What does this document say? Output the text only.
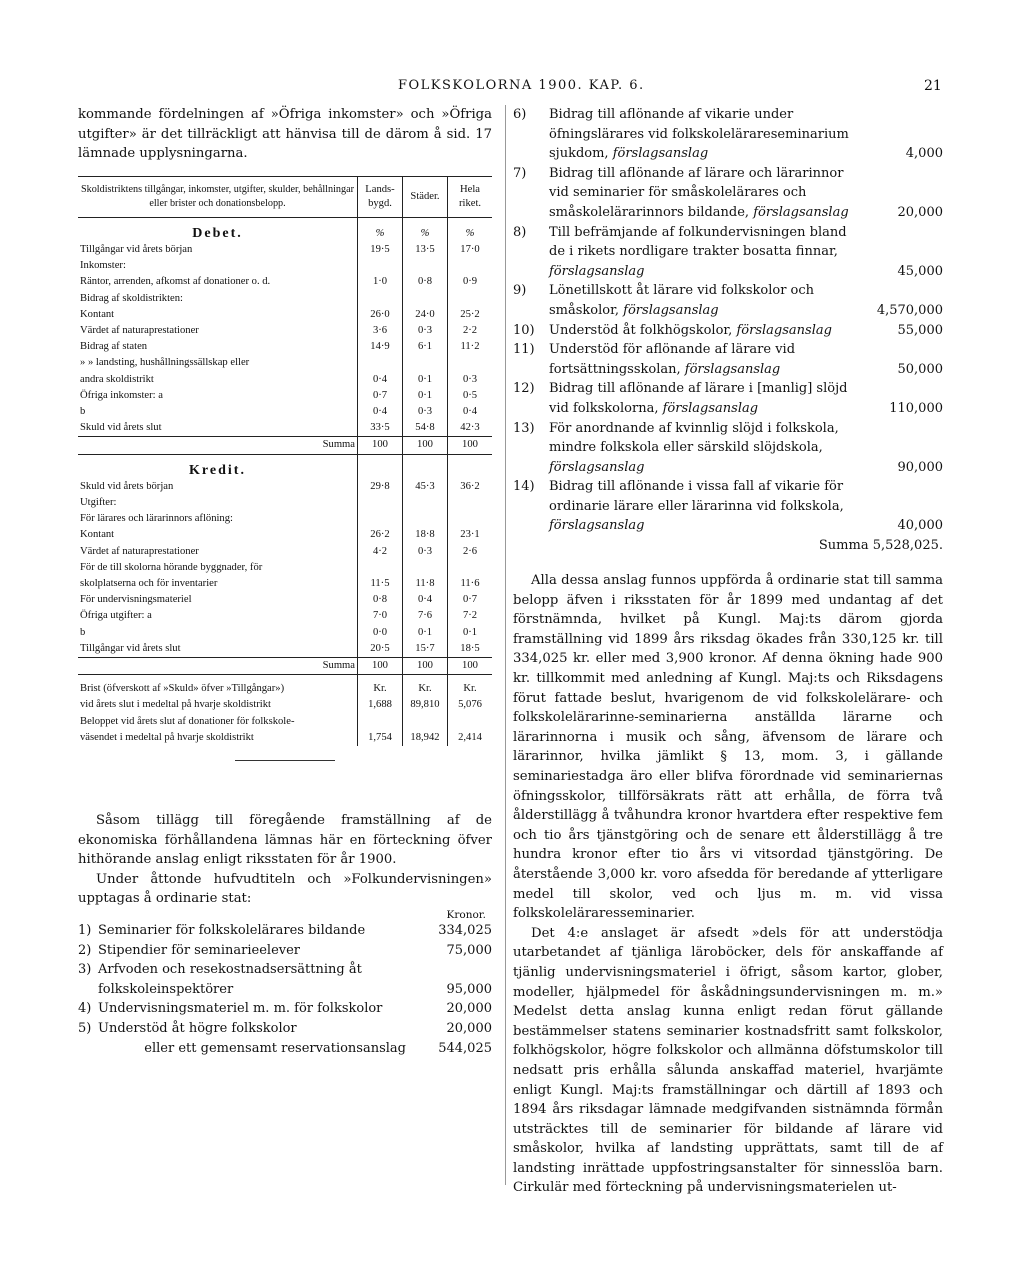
FOLKSKOLORNA 1900. KAP. 6.	21

kommande fördelningen af »Öfriga inkomster» och »Öfriga utgifter» är det tillräckligt att hänvisa till de därom å sid. 17 lämnade upplysningarna.

Skoldistriktens tillgångar, inkomster, utgifter, skulder, behållningar eller brister och donationsbelopp.	Lands-bygd.	Städer.	Hela riket.
Debet.	%	%	%
Tillgångar vid årets början	19·5	13·5	17·0
Inkomster:			
Räntor, arrenden, afkomst af donationer o. d.	1·0	0·8	0·9
Bidrag af skoldistrikten:			
Kontant	26·0	24·0	25·2
Värdet af naturaprestationer	3·6	0·3	2·2
Bidrag af staten	14·9	6·1	11·2
» » landsting, hushållningssällskap eller			
andra skoldistrikt	0·4	0·1	0·3
Öfriga inkomster: a	0·7	0·1	0·5
b	0·4	0·3	0·4
Skuld vid årets slut	33·5	54·8	42·3
Summa	100	100	100
Kredit.			
Skuld vid årets början	29·8	45·3	36·2
Utgifter:			
För lärares och lärarinnors aflöning:			
Kontant	26·2	18·8	23·1
Värdet af naturaprestationer	4·2	0·3	2·6
För de till skolorna hörande byggnader, för			
skolplatserna och för inventarier	11·5	11·8	11·6
För undervisningsmateriel	0·8	0·4	0·7
Öfriga utgifter: a	7·0	7·6	7·2
b	0·0	0·1	0·1
Tillgångar vid årets slut	20·5	15·7	18·5
Summa	100	100	100
Brist (öfverskott af »Skuld» öfver »Tillgångar»)	Kr.	Kr.	Kr.
vid årets slut i medeltal på hvarje skoldistrikt	1,688	89,810	5,076
Beloppet vid årets slut af donationer för folkskole-			
väsendet i medeltal på hvarje skoldistrikt	1,754	18,942	2,414

Såsom tillägg till föregående framställning af de ekonomiska förhållandena lämnas här en förteckning öfver hithörande anslag enligt riksstaten för år 1900.

Under åttonde hufvudtiteln och »Folkundervisningen» upptagas å ordinarie stat:

Kronor.
1) Seminarier för folkskolelärares bildande	334,025
2) Stipendier för seminarieelever	75,000
3) Arfvoden och resekostnadsersättning åt folkskoleinspektörer	95,000
4) Undervisningsmateriel m. m. för folkskolor	20,000
5) Understöd åt högre folkskolor	20,000
eller ett gemensamt reservationsanslag	544,025
6)	Bidrag till aflönande af vikarie under öfningslärares vid folkskolelärareseminarium sjukdom, förslagsanslag	4,000
7)	Bidrag till aflönande af lärare och lärarinnor vid seminarier för småskolelärares och småskolelärarinnors bildande, förslagsanslag	20,000
8)	Till befrämjande af folkundervisningen bland de i rikets nordligare trakter bosatta finnar, förslagsanslag	45,000
9)	Lönetillskott åt lärare vid folkskolor och småskolor, förslagsanslag	4,570,000
10)	Understöd åt folkhögskolor, förslagsanslag	55,000
11)	Understöd för aflönande af lärare vid fortsättningsskolan, förslagsanslag	50,000
12)	Bidrag till aflönande af lärare i [manlig] slöjd vid folkskolorna, förslagsanslag	110,000
13)	För anordnande af kvinnlig slöjd i folkskola, mindre folkskola eller särskild slöjdskola, förslagsanslag	90,000
14)	Bidrag till aflönande i vissa fall af vikarie för ordinarie lärare eller lärarinna vid folkskola, förslagsanslag	40,000
Summa 5,528,025.

Alla dessa anslag funnos uppförda å ordinarie stat till samma belopp äfven i riksstaten för år 1899 med undantag af det förstnämnda, hvilket på Kungl. Maj:ts därom gjorda framställning vid 1899 års riksdag ökades från 330,125 kr. till 334,025 kr. eller med 3,900 kronor. Af denna ökning hade 900 kr. tillkommit med anledning af Kungl. Maj:ts och Riksdagens förut fattade beslut, hvarigenom de vid folkskolelärare- och folkskolelärarinne-seminarierna anställda lärarne och lärarinnorna i musik och sång, äfvensom de lärare och lärarinnor, hvilka jämlikt § 13, mom. 3, i gällande seminariestadga äro eller blifva förordnade vid seminariernas öfningsskolor, tillförsäkrats rätt att erhålla, de förra två ålderstillägg å tvåhundra kronor hvartdera efter respektive fem och tio års tjänstgöring och de senare ett ålderstillägg å tre hundra kronor efter tio års vi vitsordad tjänstgöring. De återstående 3,000 kr. voro afsedda för beredande af ytterligare medel till skolor, ved och ljus m. m. vid vissa folkskoleläraresseminarier.

Det 4:e anslaget är afsedt »dels för att understödja utarbetandet af tjänliga läroböcker, dels för anskaffande af tjänlig undervisningsmateriel i öfrigt, såsom kartor, glober, modeller, hjälpmedel för åskådningsundervisningen m. m.» Medelst detta anslag kunna enligt redan förut gällande bestämmelser statens seminarier kostnadsfritt samt folkskolor, folkhögskolor, högre folkskolor och allmänna döfstumskolor till nedsatt pris erhålla sålunda anskaffad materiel, hvarjämte enligt Kungl. Maj:ts framställningar och därtill af 1893 och 1894 års riksdagar lämnade medgifvanden sistnämnda förmån utsträcktes till de seminarier för bildande af lärare vid småskolor, hvilka af landsting upprättats, samt till de af landsting inrättade uppfostringsanstalter för sinnesslöa barn. Cirkulär med förteckning på undervisningsmaterielen ut-
